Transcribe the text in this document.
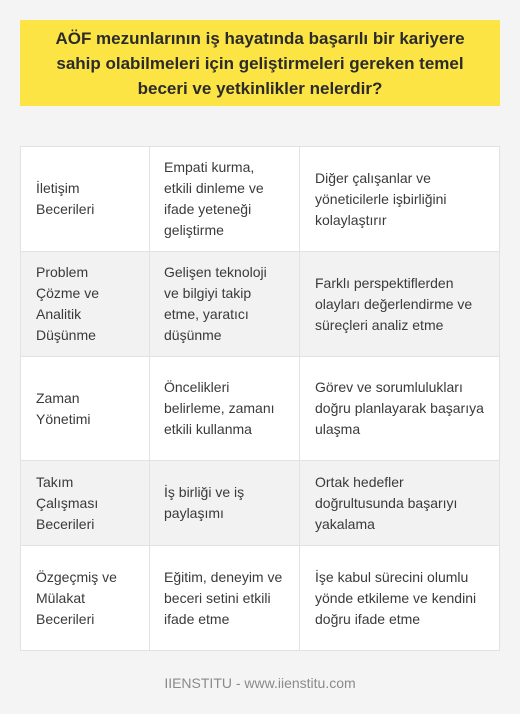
AÖF mezunlarının iş hayatında başarılı bir kariyere sahip olabilmeleri için geliştirmeleri gereken temel beceri ve yetkinlikler nelerdir?
İletişim Becerileri
Empati kurma, etkili dinleme ve ifade yeteneği geliştirme
Diğer çalışanlar ve yöneticilerle işbirliğini kolaylaştırır
Problem Çözme ve Analitik Düşünme
Gelişen teknoloji ve bilgiyi takip etme, yaratıcı düşünme
Farklı perspektiflerden olayları değerlendirme ve süreçleri analiz etme
Zaman Yönetimi
Öncelikleri belirleme, zamanı etkili kullanma
Görev ve sorumlulukları doğru planlayarak başarıya ulaşma
Takım Çalışması Becerileri
İş birliği ve iş paylaşımı
Ortak hedefler doğrultusunda başarıyı yakalama
Özgeçmiş ve Mülakat Becerileri
Eğitim, deneyim ve beceri setini etkili ifade etme
İşe kabul sürecini olumlu yönde etkileme ve kendini doğru ifade etme
IIENSTITU - www.iienstitu.com
